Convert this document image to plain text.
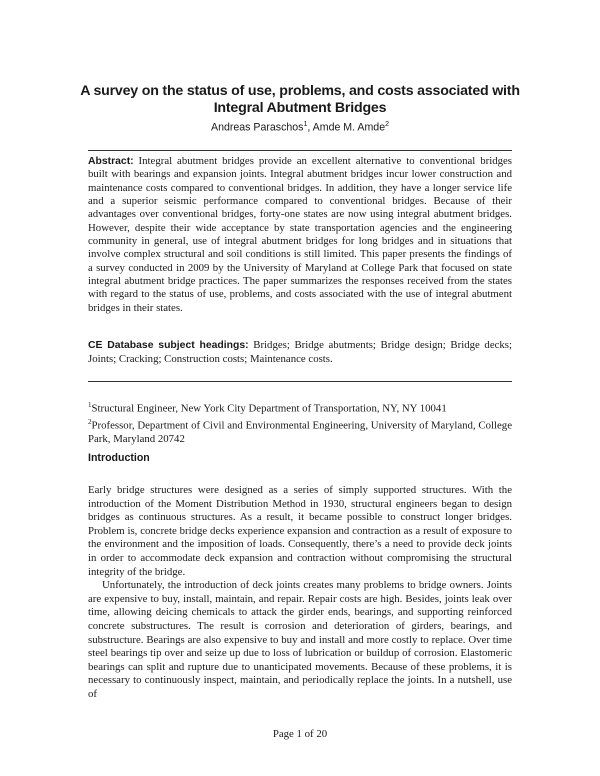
A survey on the status of use, problems, and costs associated with Integral Abutment Bridges
Andreas Paraschos$^1$, Amde M. Amde$^2$
Abstract: Integral abutment bridges provide an excellent alternative to conventional bridges built with bearings and expansion joints. Integral abutment bridges incur lower construction and maintenance costs compared to conventional bridges. In addition, they have a longer service life and a superior seismic performance compared to conventional bridges. Because of their advantages over conventional bridges, forty-one states are now using integral abutment bridges. However, despite their wide acceptance by state transportation agencies and the engineering community in general, use of integral abutment bridges for long bridges and in situations that involve complex structural and soil conditions is still limited. This paper presents the findings of a survey conducted in 2009 by the University of Maryland at College Park that focused on state integral abutment bridge practices. The paper summarizes the responses received from the states with regard to the status of use, problems, and costs associated with the use of integral abutment bridges in their states.
CE Database subject headings: Bridges; Bridge abutments; Bridge design; Bridge decks; Joints; Cracking; Construction costs; Maintenance costs.

$^1$Structural Engineer, New York City Department of Transportation, NY, NY 10041

$^2$Professor, Department of Civil and Environmental Engineering, University of Maryland, College Park, Maryland 20742

Introduction

Early bridge structures were designed as a series of simply supported structures. With the introduction of the Moment Distribution Method in 1930, structural engineers began to design bridges as continuous structures. As a result, it became possible to construct longer bridges. Problem is, concrete bridge decks experience expansion and contraction as a result of exposure to the environment and the imposition of loads. Consequently, there’s a need to provide deck joints in order to accommodate deck expansion and contraction without compromising the structural integrity of the bridge.

Unfortunately, the introduction of deck joints creates many problems to bridge owners. Joints are expensive to buy, install, maintain, and repair. Repair costs are high. Besides, joints leak over time, allowing deicing chemicals to attack the girder ends, bearings, and supporting reinforced concrete substructures. The result is corrosion and deterioration of girders, bearings, and substructure. Bearings are also expensive to buy and install and more costly to replace. Over time steel bearings tip over and seize up due to loss of lubrication or buildup of corrosion. Elastomeric bearings can split and rupture due to unanticipated movements. Because of these problems, it is necessary to continuously inspect, maintain, and periodically replace the joints. In a nutshell, use of

Page 1 of 20
